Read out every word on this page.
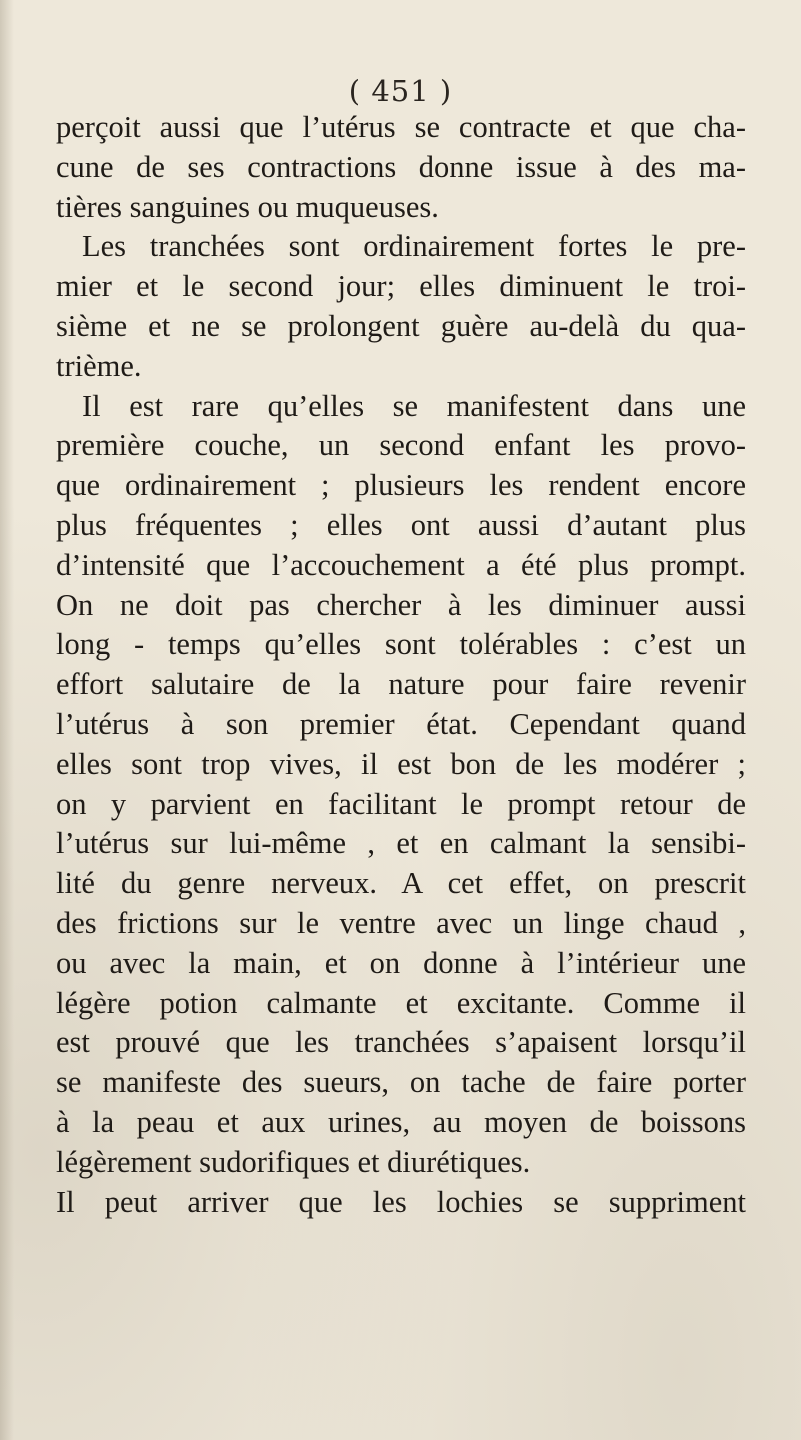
( 451 )
perçoit aussi que l’utérus se contracte et que cha-
cune de ses contractions donne issue à des ma-
tières sanguines ou muqueuses.
Les tranchées sont ordinairement fortes le pre-
mier et le second jour; elles diminuent le troi-
sième et ne se prolongent guère au-delà du qua-
trième.
Il est rare qu’elles se manifestent dans une
première couche, un second enfant les provo-
que ordinairement ; plusieurs les rendent encore
plus fréquentes ; elles ont aussi d’autant plus
d’intensité que l’accouchement a été plus prompt.
On ne doit pas chercher à les diminuer aussi
long - temps qu’elles sont tolérables : c’est un
effort salutaire de la nature pour faire revenir
l’utérus à son premier état. Cependant quand
elles sont trop vives, il est bon de les modérer ;
on y parvient en facilitant le prompt retour de
l’utérus sur lui-même , et en calmant la sensibi-
lité du genre nerveux. A cet effet, on prescrit
des frictions sur le ventre avec un linge chaud ,
ou avec la main, et on donne à l’intérieur une
légère potion calmante et excitante. Comme il
est prouvé que les tranchées s’apaisent lorsqu’il
se manifeste des sueurs, on tache de faire porter
à la peau et aux urines, au moyen de boissons
légèrement sudorifiques et diurétiques.
Il peut arriver que les lochies se suppriment
